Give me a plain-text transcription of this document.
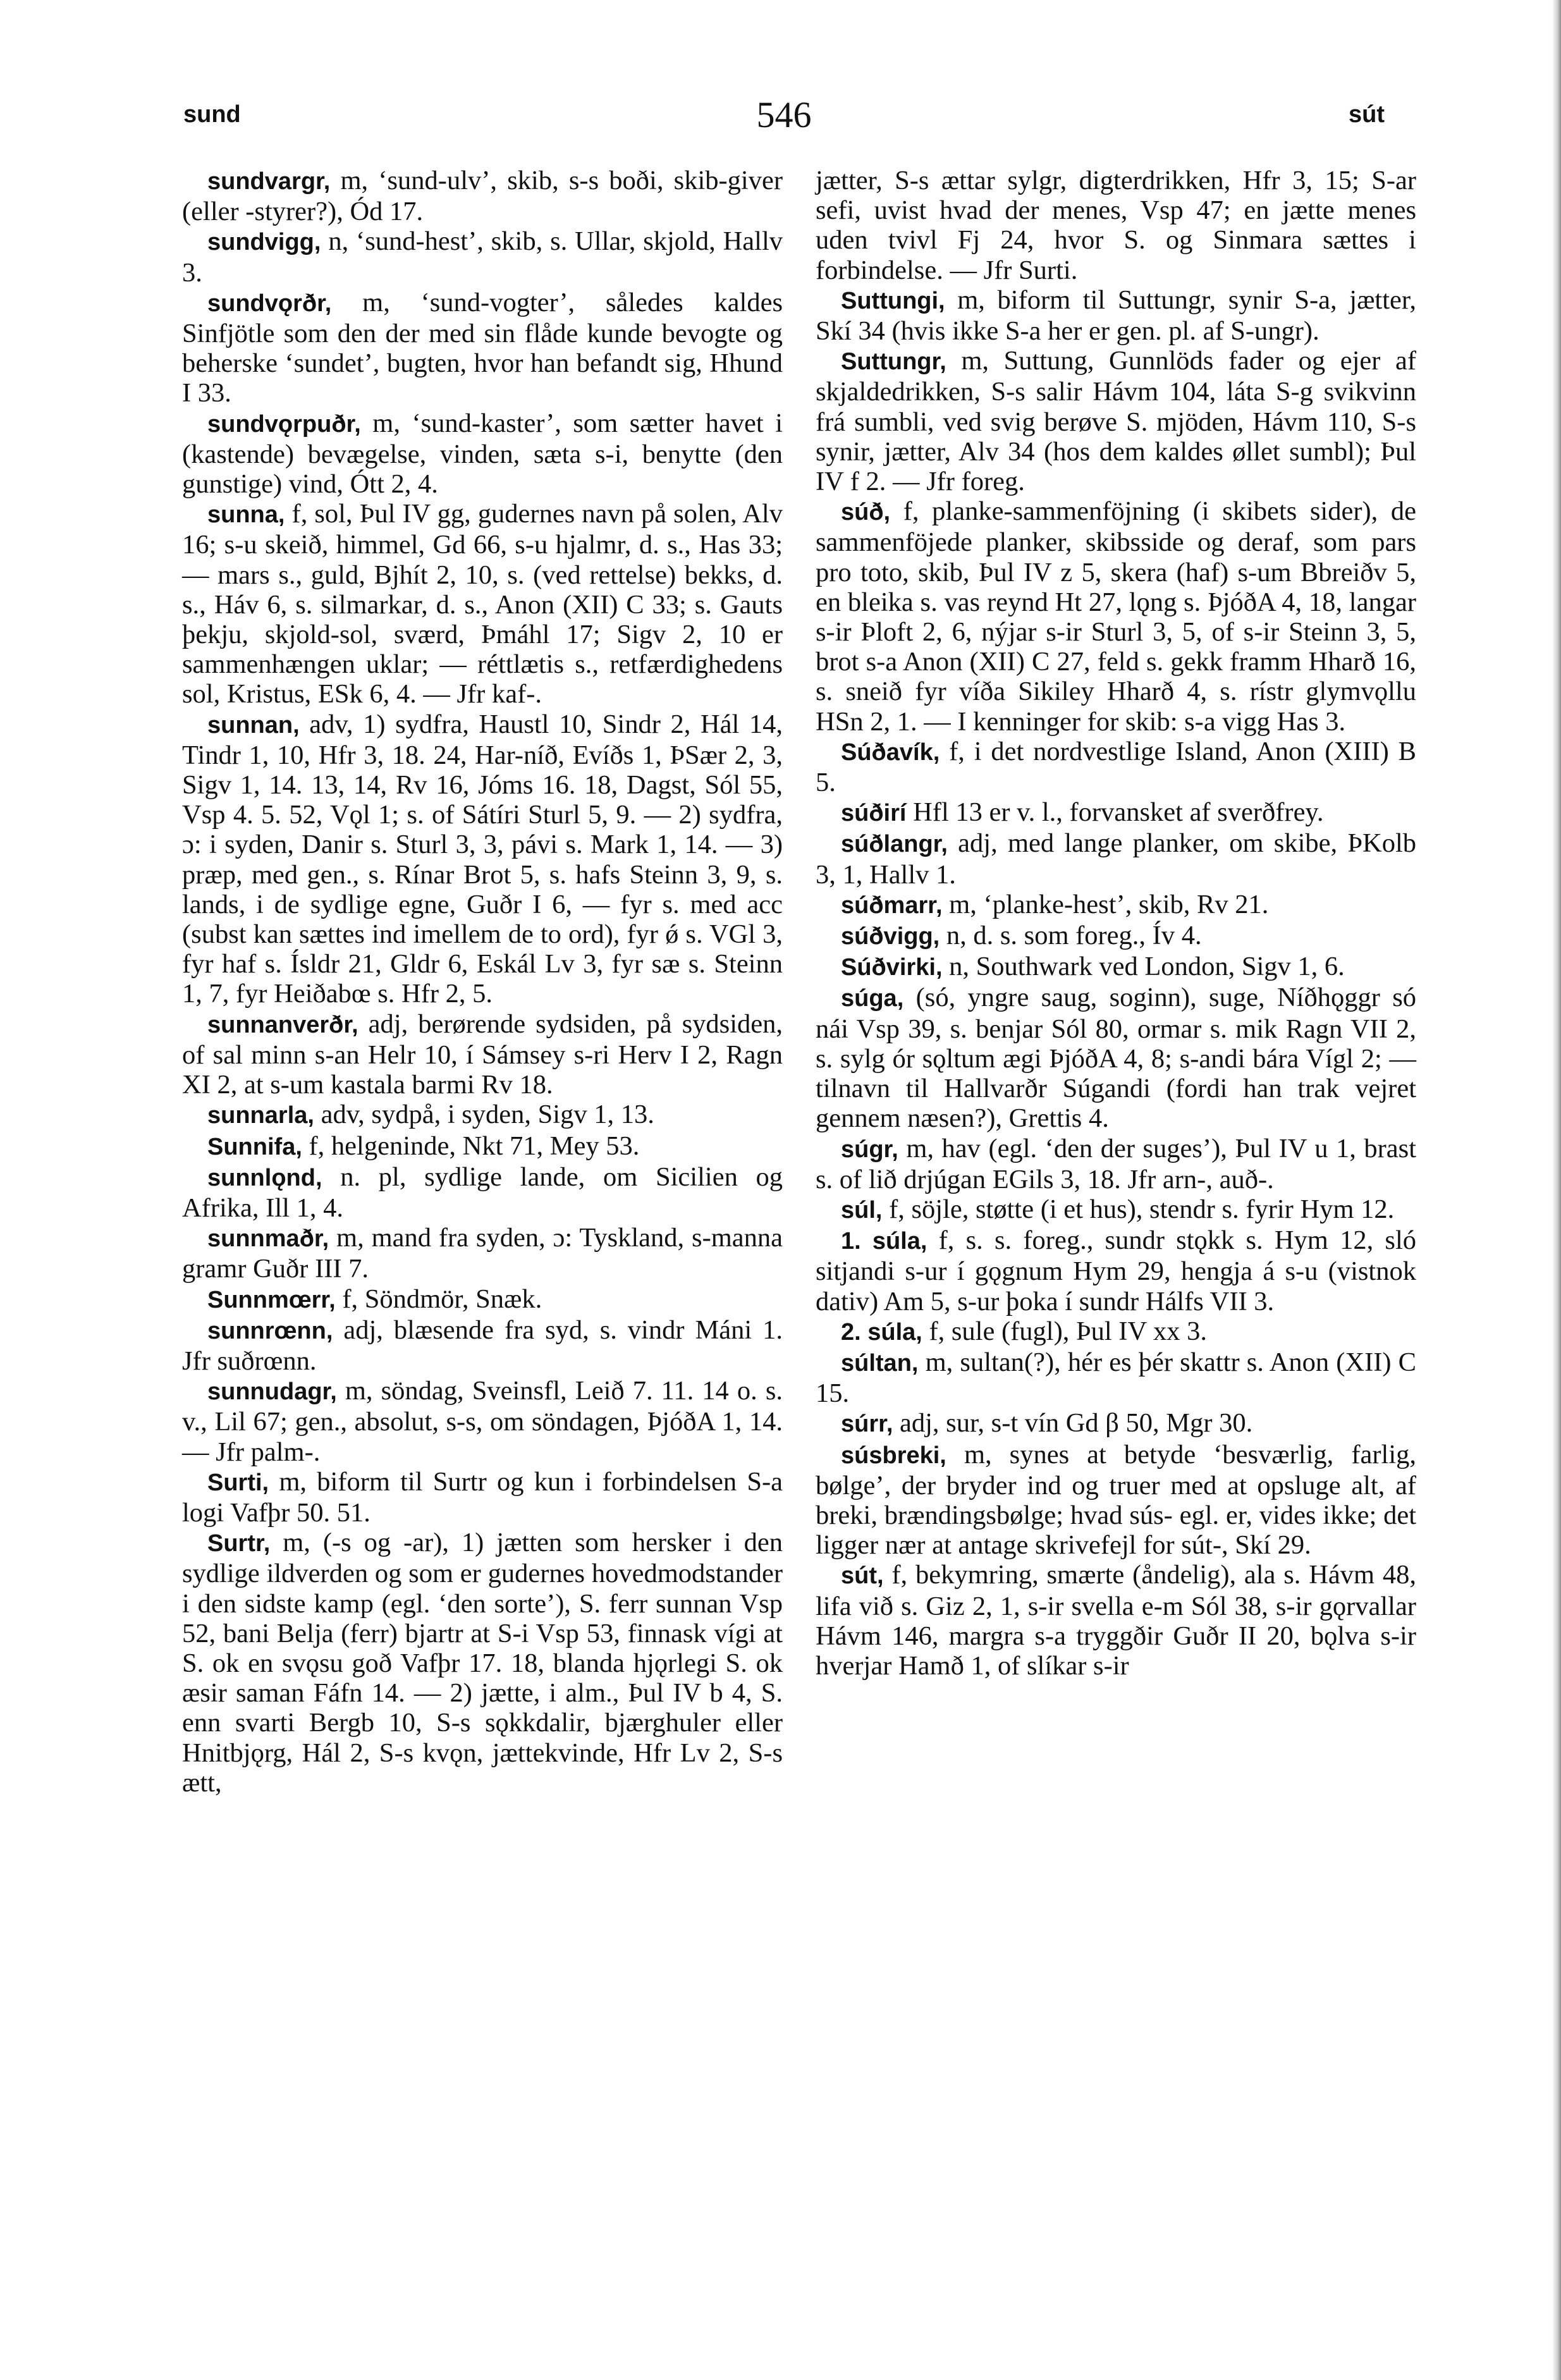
sund	546	sút

sundvargr, m, ‘sund-ulv’, skib, s-s boði, skib-giver (eller -styrer?), Ód 17.

sundvigg, n, ‘sund-hest’, skib, s. Ullar, skjold, Hallv 3.

sundvǫrðr, m, ‘sund-vogter’, således kaldes Sinfjötle som den der med sin flåde kunde bevogte og beherske ‘sundet’, bugten, hvor han befandt sig, Hhund I 33.

sundvǫrpuðr, m, ‘sund-kaster’, som sætter havet i (kastende) bevægelse, vinden, sæta s-i, benytte (den gunstige) vind, Ótt 2, 4.

sunna, f, sol, Þul IV gg, gudernes navn på solen, Alv 16; s-u skeið, himmel, Gd 66, s-u hjalmr, d. s., Has 33; — mars s., guld, Bjhít 2, 10, s. (ved rettelse) bekks, d. s., Háv 6, s. silmarkar, d. s., Anon (XII) C 33; s. Gauts þekju, skjold-sol, sværd, Þmáhl 17; Sigv 2, 10 er sammenhængen uklar; — réttlætis s., retfærdighedens sol, Kristus, ESk 6, 4. — Jfr kaf-.

sunnan, adv, 1) sydfra, Haustl 10, Sindr 2, Hál 14, Tindr 1, 10, Hfr 3, 18. 24, Har-níð, Evíðs 1, ÞSær 2, 3, Sigv 1, 14. 13, 14, Rv 16, Jóms 16. 18, Dagst, Sól 55, Vsp 4. 5. 52, Vǫl 1; s. of Sátíri Sturl 5, 9. — 2) sydfra, ɔ: i syden, Danir s. Sturl 3, 3, pávi s. Mark 1, 14. — 3) præp, med gen., s. Rínar Brot 5, s. hafs Steinn 3, 9, s. lands, i de sydlige egne, Guðr I 6, — fyr s. med acc (subst kan sættes ind imellem de to ord), fyr ǿ s. VGl 3, fyr haf s. Ísldr 21, Gldr 6, Eskál Lv 3, fyr sæ s. Steinn 1, 7, fyr Heiðabœ s. Hfr 2, 5.

sunnanverðr, adj, berørende sydsiden, på sydsiden, of sal minn s-an Helr 10, í Sámsey s-ri Herv I 2, Ragn XI 2, at s-um kastala barmi Rv 18.

sunnarla, adv, sydpå, i syden, Sigv 1, 13.

Sunnifa, f, helgeninde, Nkt 71, Mey 53.

sunnlǫnd, n. pl, sydlige lande, om Sicilien og Afrika, Ill 1, 4.

sunnmaðr, m, mand fra syden, ɔ: Tyskland, s-manna gramr Guðr III 7.

Sunnmœrr, f, Söndmör, Snæk.

sunnrœnn, adj, blæsende fra syd, s. vindr Máni 1. Jfr suðrœnn.

sunnudagr, m, söndag, Sveinsfl, Leið 7. 11. 14 o. s. v., Lil 67; gen., absolut, s-s, om söndagen, ÞjóðA 1, 14. — Jfr palm-.

Surti, m, biform til Surtr og kun i forbindelsen S-a logi Vafþr 50. 51.

Surtr, m, (-s og -ar), 1) jætten som hersker i den sydlige ildverden og som er gudernes hovedmodstander i den sidste kamp (egl. ‘den sorte’), S. ferr sunnan Vsp 52, bani Belja (ferr) bjartr at S-i Vsp 53, finnask vígi at S. ok en svǫsu goð Vafþr 17. 18, blanda hjǫrlegi S. ok æsir saman Fáfn 14. — 2) jætte, i alm., Þul IV b 4, S. enn svarti Bergb 10, S-s sǫkkdalir, bjærghuler eller Hnitbjǫrg, Hál 2, S-s kvǫn, jættekvinde, Hfr Lv 2, S-s ætt,

jætter, S-s ættar sylgr, digterdrikken, Hfr 3, 15; S-ar sefi, uvist hvad der menes, Vsp 47; en jætte menes uden tvivl Fj 24, hvor S. og Sinmara sættes i forbindelse. — Jfr Surti.

Suttungi, m, biform til Suttungr, synir S-a, jætter, Skí 34 (hvis ikke S-a her er gen. pl. af S-ungr).

Suttungr, m, Suttung, Gunnlöds fader og ejer af skjaldedrikken, S-s salir Hávm 104, láta S-g svikvinn frá sumbli, ved svig berøve S. mjöden, Hávm 110, S-s synir, jætter, Alv 34 (hos dem kaldes øllet sumbl); Þul IV f 2. — Jfr foreg.

súð, f, planke-sammenföjning (i skibets sider), de sammenföjede planker, skibsside og deraf, som pars pro toto, skib, Þul IV z 5, skera (haf) s-um Bbreiðv 5, en bleika s. vas reynd Ht 27, lǫng s. ÞjóðA 4, 18, langar s-ir Þloft 2, 6, nýjar s-ir Sturl 3, 5, of s-ir Steinn 3, 5, brot s-a Anon (XII) C 27, feld s. gekk framm Hharð 16, s. sneið fyr víða Sikiley Hharð 4, s. rístr glymvǫllu HSn 2, 1. — I kenninger for skib: s-a vigg Has 3.

Súðavík, f, i det nordvestlige Island, Anon (XIII) B 5.

súðirí Hfl 13 er v. l., forvansket af sverðfrey.

súðlangr, adj, med lange planker, om skibe, ÞKolb 3, 1, Hallv 1.

súðmarr, m, ‘planke-hest’, skib, Rv 21.

súðvigg, n, d. s. som foreg., Ív 4.

Súðvirki, n, Southwark ved London, Sigv 1, 6.

súga, (só, yngre saug, soginn), suge, Níðhǫggr só nái Vsp 39, s. benjar Sól 80, ormar s. mik Ragn VII 2, s. sylg ór sǫltum ægi ÞjóðA 4, 8; s-andi bára Vígl 2; — tilnavn til Hallvarðr Súgandi (fordi han trak vejret gennem næsen?), Grettis 4.

súgr, m, hav (egl. ‘den der suges’), Þul IV u 1, brast s. of lið drjúgan EGils 3, 18. Jfr arn-, auð-.

súl, f, söjle, støtte (i et hus), stendr s. fyrir Hym 12.

1. súla, f, s. s. foreg., sundr stǫkk s. Hym 12, sló sitjandi s-ur í gǫgnum Hym 29, hengja á s-u (vistnok dativ) Am 5, s-ur þoka í sundr Hálfs VII 3.

2. súla, f, sule (fugl), Þul IV xx 3.

súltan, m, sultan(?), hér es þér skattr s. Anon (XII) C 15.

súrr, adj, sur, s-t vín Gd β 50, Mgr 30.

súsbreki, m, synes at betyde ‘besværlig, farlig, bølge’, der bryder ind og truer med at opsluge alt, af breki, brændingsbølge; hvad sús- egl. er, vides ikke; det ligger nær at antage skrivefejl for sút-, Skí 29.

sút, f, bekymring, smærte (åndelig), ala s. Hávm 48, lifa við s. Giz 2, 1, s-ir svella e-m Sól 38, s-ir gǫrvallar Hávm 146, margra s-a tryggðir Guðr II 20, bǫlva s-ir hverjar Hamð 1, of slíkar s-ir
